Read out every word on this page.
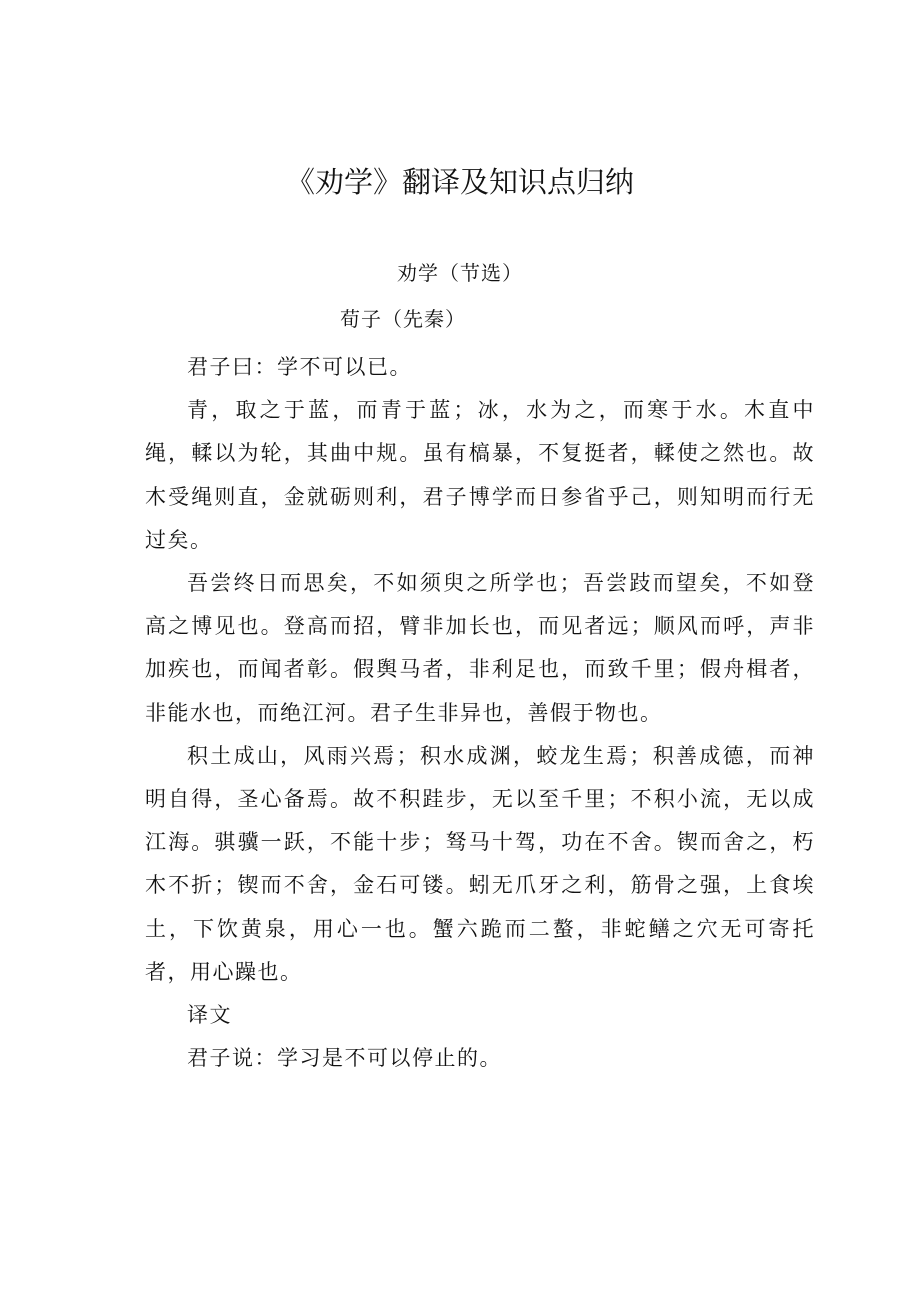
《劝学》翻译及知识点归纳
劝学（节选）
荀子（先秦）

君子曰：学不可以已。

青，取之于蓝，而青于蓝；冰，水为之，而寒于水。木直中绳，輮以为轮，其曲中规。虽有槁暴，不复挺者，輮使之然也。故木受绳则直，金就砺则利，君子博学而日参省乎己，则知明而行无过矣。

吾尝终日而思矣，不如须臾之所学也；吾尝跂而望矣，不如登高之博见也。登高而招，臂非加长也，而见者远；顺风而呼，声非加疾也，而闻者彰。假舆马者，非利足也，而致千里；假舟楫者，非能水也，而绝江河。君子生非异也，善假于物也。

积土成山，风雨兴焉；积水成渊，蛟龙生焉；积善成德，而神明自得，圣心备焉。故不积跬步，无以至千里；不积小流，无以成江海。骐骥一跃，不能十步；驽马十驾，功在不舍。锲而舍之，朽木不折；锲而不舍，金石可镂。蚓无爪牙之利，筋骨之强，上食埃土，下饮黄泉，用心一也。蟹六跪而二螯，非蛇鳝之穴无可寄托者，用心躁也。

译文

君子说：学习是不可以停止的。
